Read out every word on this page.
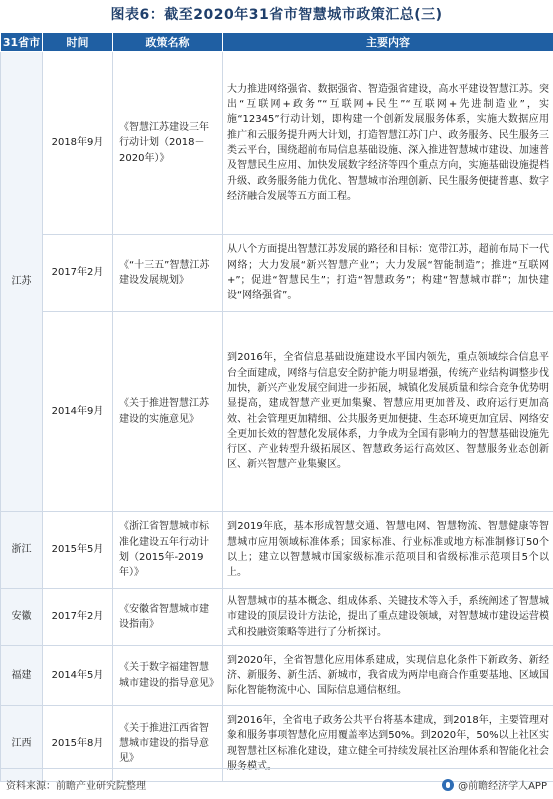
图表6：截至2020年31省市智慧城市政策汇总(三)
31省市	时间	政策名称	主要内容
江苏	2018年9月	《智慧江苏建设三年行动计划（2018－2020年）》	大力推进网络强省、数据强省、智造强省建设，高水平建设智慧江苏。突出“互联网+政务”“互联网+民生”“互联网+先进制造业”，实施“12345”行动计划，即构建一个创新发展服务体系，实施大数据应用推广和云服务提升两大计划，打造智慧江苏门户、政务服务、民生服务三类云平台，围绕超前布局信息基础设施、深入推进智慧城市建设、加速普及智慧民生应用、加快发展数字经济等四个重点方向，实施基础设施提档升级、政务服务能力优化、智慧城市治理创新、民生服务便捷普惠、数字经济融合发展等五方面工程。
	2017年2月	《“十三五”智慧江苏建设发展规划》	从八个方面提出智慧江苏发展的路径和目标：宽带江苏，超前布局下一代网络；大力发展“新兴智慧产业”；大力发展“智能制造”；推进“互联网+”；促进“智慧民生”；打造“智慧政务”；构建“智慧城市群”；加快建设“网络强省”。
	2014年9月	《关于推进智慧江苏建设的实施意见》	到2016年，全省信息基础设施建设水平国内领先，重点领域综合信息平台全面建成，网络与信息安全防护能力明显增强，传统产业结构调整步伐加快，新兴产业发展空间进一步拓展，城镇化发展质量和综合竞争优势明显提高，建成智慧产业更加集聚、智慧应用更加普及、政府运行更加高效、社会管理更加精细、公共服务更加便捷、生态环境更加宜居、网络安全更加长效的智慧化发展体系，力争成为全国有影响力的智慧基础设施先行区、产业转型升级拓展区、智慧政务运行高效区、智慧服务业态创新区、新兴智慧产业集聚区。
浙江	2015年5月	《浙江省智慧城市标准化建设五年行动计划（2015年-2019年）》	到2019年底，基本形成智慧交通、智慧电网、智慧物流、智慧健康等智慧城市应用领域标准体系；国家标准、行业标准或地方标准制修订50个以上；建立以智慧城市国家级标准示范项目和省级标准示范项目5个以上。
安徽	2017年2月	《安徽省智慧城市建设指南》	从智慧城市的基本概念、组成体系、关键技术等入手，系统阐述了智慧城市建设的顶层设计方法论，提出了重点建设领域，对智慧城市建设运营模式和投融资策略等进行了分析探讨。
福建	2014年5月	《关于数字福建智慧城市建设的指导意见》	到2020年，全省智慧化应用体系建成，实现信息化条件下新政务、新经济、新服务、新生活、新城市，我省成为两岸电商合作重要基地、区域国际化智能物流中心、国际信息通信枢纽。
江西	2015年8月	《关于推进江西省智慧城市建设的指导意见》	到2016年，全省电子政务公共平台将基本建成，到2018年，主要管理对象和服务事项智慧化应用覆盖率达到50%。到2020年，50%以上社区实现智慧社区标准化建设，建立健全可持续发展社区治理体系和智能化社会服务模式。
资料来源：前瞻产业研究院整理	@前瞻经济学人APP
